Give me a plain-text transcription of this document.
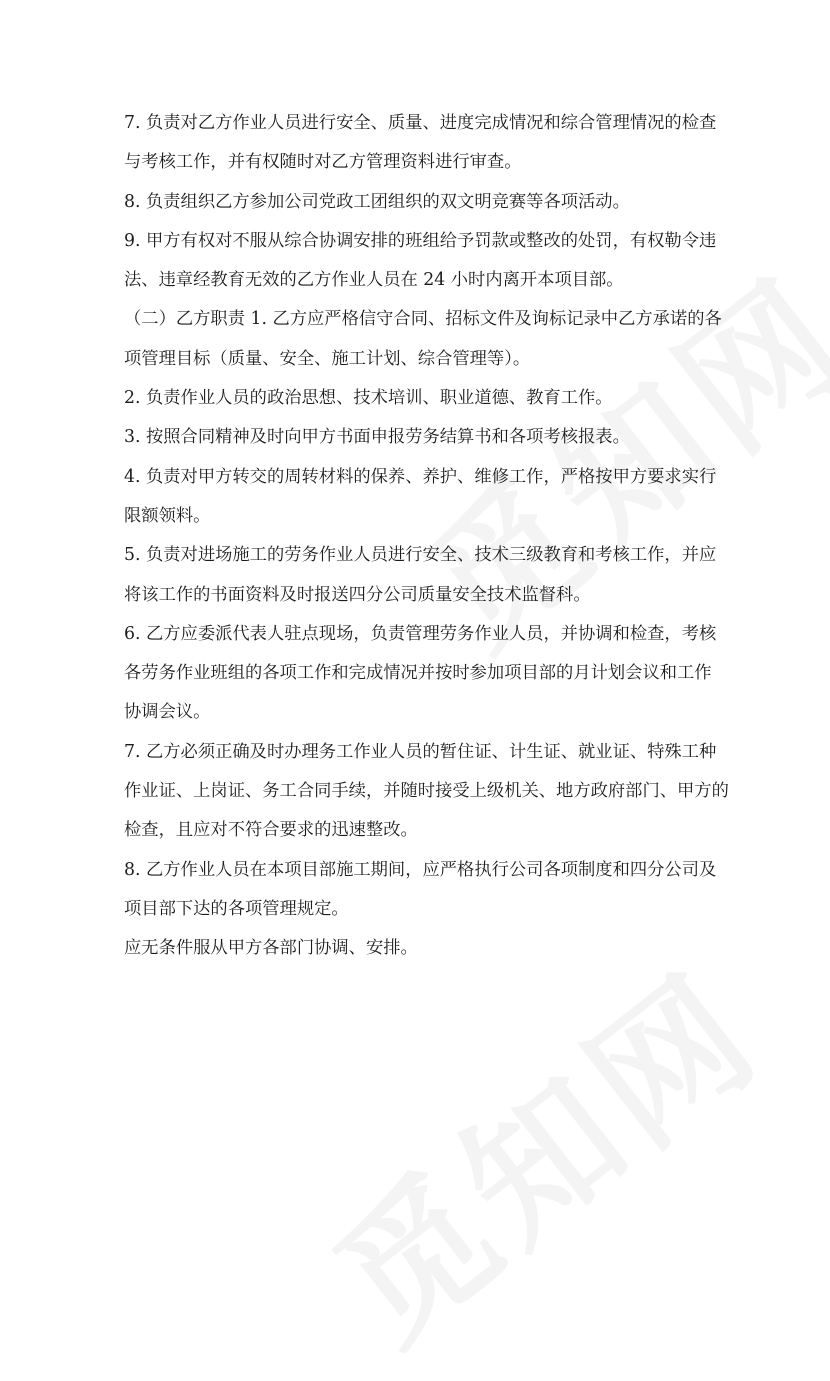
7. 负责对乙方作业人员进行安全、质量、进度完成情况和综合管理情况的检查
与考核工作，并有权随时对乙方管理资料进行审查。
8. 负责组织乙方参加公司党政工团组织的双文明竞赛等各项活动。
9. 甲方有权对不服从综合协调安排的班组给予罚款或整改的处罚，有权勒令违
法、违章经教育无效的乙方作业人员在 24 小时内离开本项目部。
（二）乙方职责 1. 乙方应严格信守合同、招标文件及询标记录中乙方承诺的各
项管理目标（质量、安全、施工计划、综合管理等）。
2. 负责作业人员的政治思想、技术培训、职业道德、教育工作。
3. 按照合同精神及时向甲方书面申报劳务结算书和各项考核报表。
4. 负责对甲方转交的周转材料的保养、养护、维修工作，严格按甲方要求实行
限额领料。
5. 负责对进场施工的劳务作业人员进行安全、技术三级教育和考核工作，并应
将该工作的书面资料及时报送四分公司质量安全技术监督科。
6. 乙方应委派代表人驻点现场，负责管理劳务作业人员，并协调和检查，考核
各劳务作业班组的各项工作和完成情况并按时参加项目部的月计划会议和工作
协调会议。
7. 乙方必须正确及时办理务工作业人员的暂住证、计生证、就业证、特殊工种
作业证、上岗证、务工合同手续，并随时接受上级机关、地方政府部门、甲方的
检查，且应对不符合要求的迅速整改。
8. 乙方作业人员在本项目部施工期间，应严格执行公司各项制度和四分公司及
项目部下达的各项管理规定。
应无条件服从甲方各部门协调、安排。
